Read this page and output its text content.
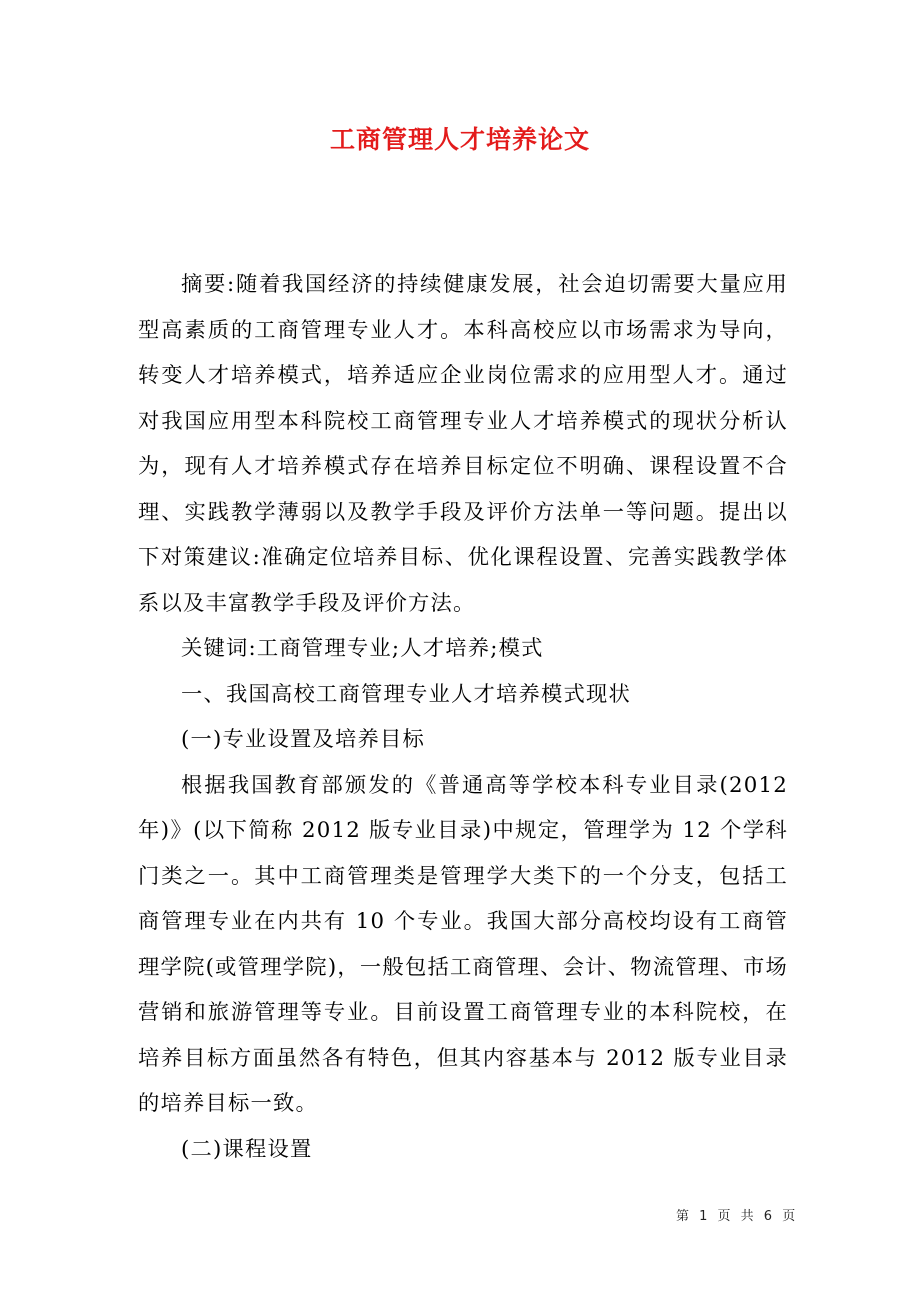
工商管理人才培养论文

摘要:随着我国经济的持续健康发展，社会迫切需要大量应用型高素质的工商管理专业人才。本科高校应以市场需求为导向，转变人才培养模式，培养适应企业岗位需求的应用型人才。通过对我国应用型本科院校工商管理专业人才培养模式的现状分析认为，现有人才培养模式存在培养目标定位不明确、课程设置不合理、实践教学薄弱以及教学手段及评价方法单一等问题。提出以下对策建议:准确定位培养目标、优化课程设置、完善实践教学体系以及丰富教学手段及评价方法。

关键词:工商管理专业;人才培养;模式

一、我国高校工商管理专业人才培养模式现状

(一)专业设置及培养目标

根据我国教育部颁发的《普通高等学校本科专业目录(2012年)》(以下简称 2012 版专业目录)中规定，管理学为 12 个学科门类之一。其中工商管理类是管理学大类下的一个分支，包括工商管理专业在内共有 10 个专业。我国大部分高校均设有工商管理学院(或管理学院)，一般包括工商管理、会计、物流管理、市场营销和旅游管理等专业。目前设置工商管理专业的本科院校，在培养目标方面虽然各有特色，但其内容基本与 2012 版专业目录的培养目标一致。

(二)课程设置

第 1 页 共 6 页
